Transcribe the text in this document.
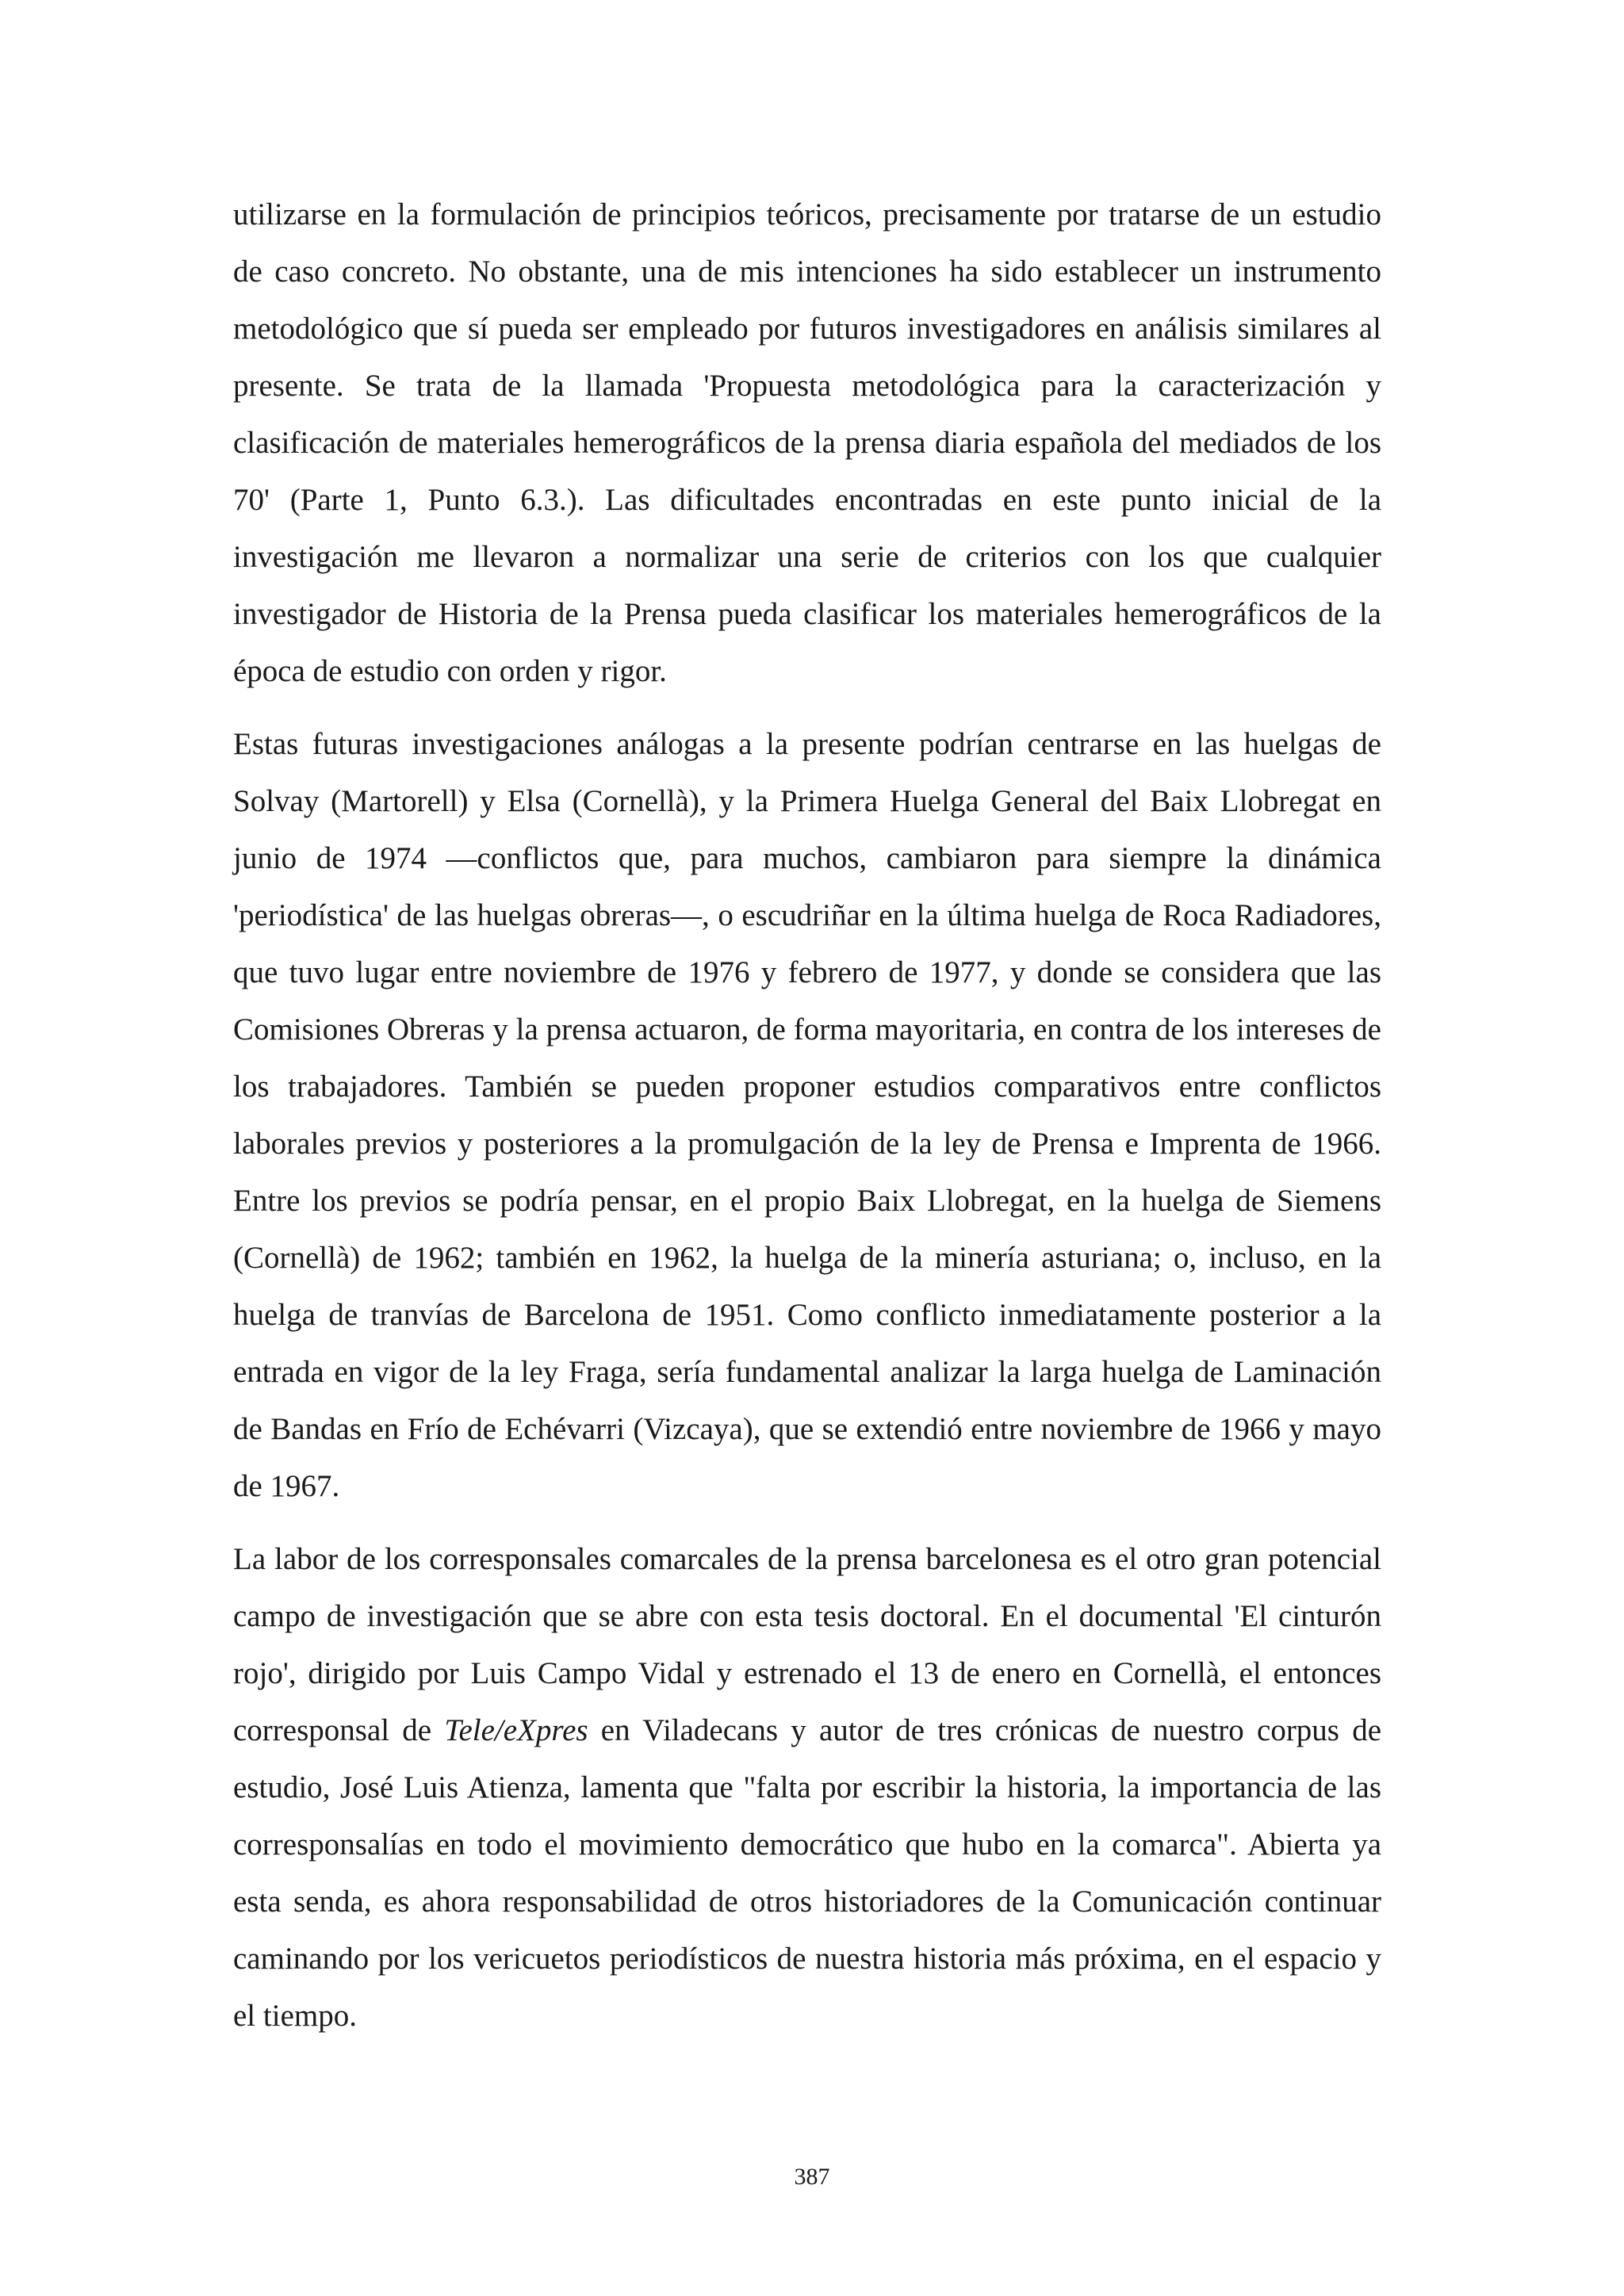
utilizarse en la formulación de principios teóricos, precisamente por tratarse de un estudio de caso concreto. No obstante, una de mis intenciones ha sido establecer un instrumento metodológico que sí pueda ser empleado por futuros investigadores en análisis similares al presente. Se trata de la llamada 'Propuesta metodológica para la caracterización y clasificación de materiales hemerográficos de la prensa diaria española del mediados de los 70' (Parte 1, Punto 6.3.). Las dificultades encontradas en este punto inicial de la investigación me llevaron a normalizar una serie de criterios con los que cualquier investigador de Historia de la Prensa pueda clasificar los materiales hemerográficos de la época de estudio con orden y rigor.

Estas futuras investigaciones análogas a la presente podrían centrarse en las huelgas de Solvay (Martorell) y Elsa (Cornellà), y la Primera Huelga General del Baix Llobregat en junio de 1974 —conflictos que, para muchos, cambiaron para siempre la dinámica 'periodística' de las huelgas obreras—, o escudriñar en la última huelga de Roca Radiadores, que tuvo lugar entre noviembre de 1976 y febrero de 1977, y donde se considera que las Comisiones Obreras y la prensa actuaron, de forma mayoritaria, en contra de los intereses de los trabajadores. También se pueden proponer estudios comparativos entre conflictos laborales previos y posteriores a la promulgación de la ley de Prensa e Imprenta de 1966. Entre los previos se podría pensar, en el propio Baix Llobregat, en la huelga de Siemens (Cornellà) de 1962; también en 1962, la huelga de la minería asturiana; o, incluso, en la huelga de tranvías de Barcelona de 1951. Como conflicto inmediatamente posterior a la entrada en vigor de la ley Fraga, sería fundamental analizar la larga huelga de Laminación de Bandas en Frío de Echévarri (Vizcaya), que se extendió entre noviembre de 1966 y mayo de 1967.

La labor de los corresponsales comarcales de la prensa barcelonesa es el otro gran potencial campo de investigación que se abre con esta tesis doctoral. En el documental 'El cinturón rojo', dirigido por Luis Campo Vidal y estrenado el 13 de enero en Cornellà, el entonces corresponsal de Tele/eXpres en Viladecans y autor de tres crónicas de nuestro corpus de estudio, José Luis Atienza, lamenta que "falta por escribir la historia, la importancia de las corresponsalías en todo el movimiento democrático que hubo en la comarca". Abierta ya esta senda, es ahora responsabilidad de otros historiadores de la Comunicación continuar caminando por los vericuetos periodísticos de nuestra historia más próxima, en el espacio y el tiempo.

387
